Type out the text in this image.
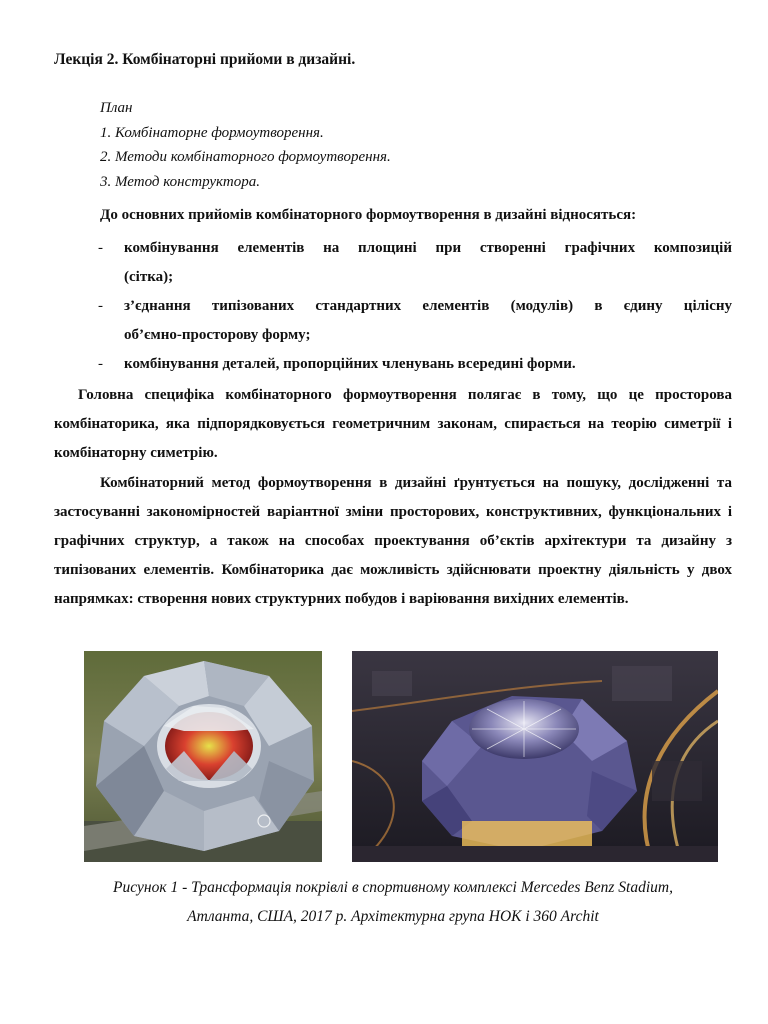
Лекція 2. Комбінаторні прийоми в дизайні.
План
1. Комбінаторне формоутворення.
2. Методи комбінаторного формоутворення.
3. Метод конструктора.
До основних прийомів комбінаторного формоутворення в дизайні відносяться:
- комбінування елементів на площині при створенні графічних композицій
(сітка);
- з’єднання типізованих стандартних елементів (модулів) в єдину цілісну
об’ємно-просторову форму;
- комбінування деталей, пропорційних членувань всередині форми.
Головна специфіка комбінаторного формоутворення полягає в тому, що це просторова комбінаторика, яка підпорядковується геометричним законам, спирається на теорію симетрії і комбінаторну симетрію.
Комбінаторний метод формоутворення в дизайні ґрунтується на пошуку, дослідженні та застосуванні закономірностей варіантної зміни просторових, конструктивних, функціональних і графічних структур, а також на способах проектування об’єктів архітектури та дизайну з типізованих елементів. Комбінаторика дає можливість здійснювати проектну діяльність у двох напрямках: створення нових структурних побудов і варіювання вихідних елементів.
Рисунок 1 - Трансформація покрівлі в спортивному комплексі Mercedes Benz Stadium,
Атланта, США, 2017 р. Архітектурна група НОК і 360 Archit
